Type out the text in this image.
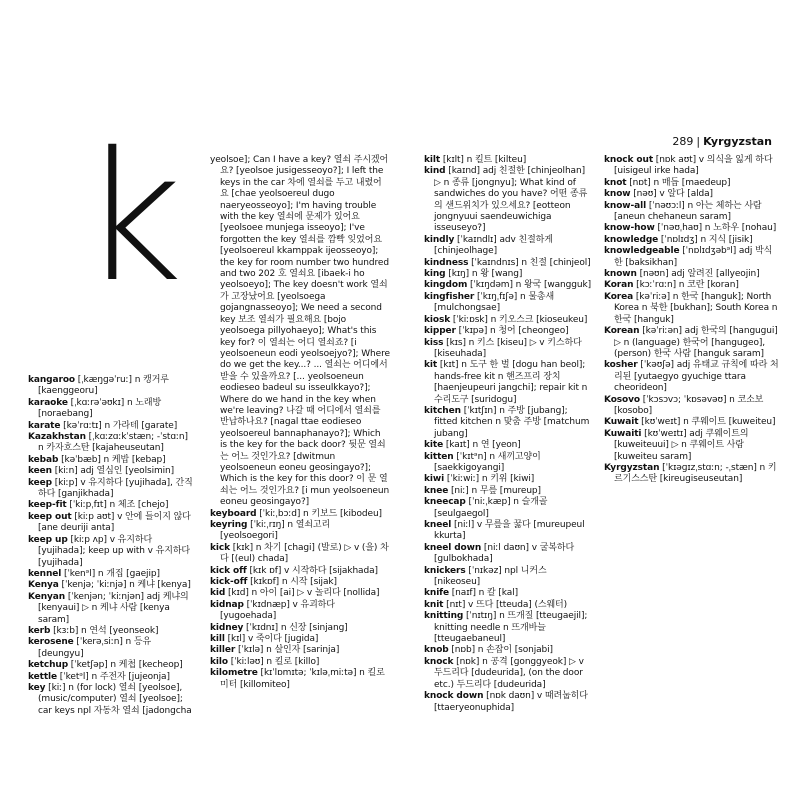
289 | Kyrgyzstan
k

kangaroo [ˌkæŋɡəˈruː] n 캥거루 [kaenggeoru]

karaoke [ˌkɑːrəˈəʊkɪ] n 노래방 [noraebang]

karate [kəˈrɑːtɪ] n 가라테 [garate]

Kazakhstan [ˌkɑːzɑːkˈstæn; -ˈstɑːn] n 카자흐스탄 [kajaheuseutan]

kebab [kəˈbæb] n 케밥 [kebap]

keen [kiːn] adj 열심인 [yeolsimin]

keep [kiːp] v 유지하다 [yujihada], 간직하다 [ganjikhada]

keep-fit [ˈkiːpˌfɪt] n 체조 [chejo]

keep out [kiːp aʊt] v 안에 들이지 않다 [ane deuriji anta]

keep up [kiːp ʌp] v 유지하다 [yujihada]; keep up with v 유지하다 [yujihada]

kennel [ˈkenᵊl] n 개집 [gaejip]

Kenya [ˈkenjə; ˈkiːnjə] n 케냐 [kenya]

Kenyan [ˈkenjən; ˈkiːnjən] adj 케냐의 [kenyaui] ▷ n 케냐 사람 [kenya saram]

kerb [kɜːb] n 연석 [yeonseok]

kerosene [ˈkerəˌsiːn] n 등유 [deungyu]

ketchup [ˈketʃəp] n 케첩 [kecheop]

kettle [ˈketᵊl] n 주전자 [jujeonja]

key [kiː] n (for lock) 열쇠 [yeolsoe], (music/computer) 열쇠 [yeolsoe]; car keys npl 자동차 열쇠 [jadongcha

yeolsoe]; Can I have a key? 열쇠 주시겠어요? [yeolsoe jusigesseoyo?]; I left the keys in the car 차에 열쇠를 두고 내렸어요 [chae yeolsoereul dugo naeryeosseoyo]; I'm having trouble with the key 열쇠에 문제가 있어요 [yeolsoee munjega isseoyo]; I've forgotten the key 열쇠를 깜빡 잊었어요 [yeolsoereul kkamppak ijeosseoyo]; the key for room number two hundred and two 202 호 열쇠요 [ibaek-i ho yeolsoeyo]; The key doesn't work 열쇠가 고장났어요 [yeolsoega gojangnasseoyo]; We need a second key 보조 열쇠가 필요해요 [bojo yeolsoega pillyohaeyo]; What's this key for? 이 열쇠는 어디 열쇠죠? [i yeolsoeneun eodi yeolsoejyo?]; Where do we get the key...? ... 열쇠는 어디에서 받을 수 있을까요? [... yeolsoeneun eodieseo badeul su isseulkkayo?]; Where do we hand in the key when we're leaving? 나갈 때 어디에서 열쇠를 반납하나요? [nagal ttae eodieseo yeolsoereul bannaphanayo?]; Which is the key for the back door? 뒷문 열쇠는 어느 것인가요? [dwitmun yeolsoeneun eoneu geosingayo?]; Which is the key for this door? 이 문 열쇠는 어느 것인가요? [i mun yeolsoeneun eoneu geosingayo?]

keyboard [ˈkiːˌbɔːd] n 키보드 [kibodeu]

keyring [ˈkiːˌrɪŋ] n 열쇠고리 [yeolsoegori]

kick [kɪk] n 차기 [chagi] (발로) ▷ v (을) 차다 [(eul) chada]

kick off [kɪk ɒf] v 시작하다 [sijakhada]

kick-off [kɪkɒf] n 시작 [sijak]

kid [kɪd] n 아이 [ai] ▷ v 놀리다 [nollida]

kidnap [ˈkɪdnæp] v 유괴하다 [yugoehada]

kidney [ˈkɪdnɪ] n 신장 [sinjang]

kill [kɪl] v 죽이다 [jugida]

killer [ˈkɪlə] n 살인자 [sarinja]

kilo [ˈkiːləʊ] n 킬로 [killo]

kilometre [kɪˈlɒmɪtə; ˈkɪləˌmiːtə] n 킬로미터 [killomiteo]

kilt [kɪlt] n 킬트 [kilteu]

kind [kaɪnd] adj 친절한 [chinjeolhan] ▷ n 종류 [jongnyu]; What kind of sandwiches do you have? 어떤 종류의 샌드위치가 있으세요? [eotteon jongnyuui saendeuwichiga isseuseyo?]

kindly [ˈkaɪndlɪ] adv 친절하게 [chinjeolhage]

kindness [ˈkaɪndnɪs] n 친절 [chinjeol]

king [kɪŋ] n 왕 [wang]

kingdom [ˈkɪŋdəm] n 왕국 [wangguk]

kingfisher [ˈkɪŋˌfɪʃə] n 물총새 [mulchongsae]

kiosk [ˈkiːɒsk] n 키오스크 [kioseukeu]

kipper [ˈkɪpə] n 청어 [cheongeo]

kiss [kɪs] n 키스 [kiseu] ▷ v 키스하다 [kiseuhada]

kit [kɪt] n 도구 한 벌 [dogu han beol]; hands-free kit n 핸즈프리 장치 [haenjeupeuri jangchi]; repair kit n 수리도구 [suridogu]

kitchen [ˈkɪtʃɪn] n 주방 [jubang]; fitted kitchen n 맞춤 주방 [matchum jubang]

kite [kaɪt] n 연 [yeon]

kitten [ˈkɪtᵊn] n 새끼고양이 [saekkigoyangi]

kiwi [ˈkiːwiː] n 키위 [kiwi]

knee [niː] n 무릎 [mureup]

kneecap [ˈniːˌkæp] n 슬개골 [seulgaegol]

kneel [niːl] v 무릎을 꿇다 [mureupeul kkurta]

kneel down [niːl daʊn] v 굴복하다 [gulbokhada]

knickers [ˈnɪkəz] npl 니커스 [nikeoseu]

knife [naɪf] n 칼 [kal]

knit [nɪt] v 뜨다 [tteuda] (스웨터)

knitting [ˈnɪtɪŋ] n 뜨개질 [tteugaejil]; knitting needle n 뜨개바늘 [tteugaebaneul]

knob [nɒb] n 손잡이 [sonjabi]

knock [nɒk] n 공격 [gonggyeok] ▷ v 두드리다 [dudeurida], (on the door etc.) 두드리다 [dudeurida]

knock down [nɒk daʊn] v 때려눕히다 [ttaeryeonuphida]

knock out [nɒk aʊt] v 의식을 잃게 하다 [uisigeul irke hada]

knot [nɒt] n 매듭 [maedeup]

know [nəʊ] v 알다 [alda]

know-all [ˈnəʊɔːl] n 아는 체하는 사람 [aneun chehaneun saram]

know-how [ˈnəʊˌhaʊ] n 노하우 [nohau]

knowledge [ˈnɒlɪdʒ] n 지식 [jisik]

knowledgeable [ˈnɒlɪdʒəbᵊl] adj 박식한 [baksikhan]

known [nəʊn] adj 알려진 [allyeojin]

Koran [kɔːˈrɑːn] n 코란 [koran]

Korea [kəˈriːə] n 한국 [hanguk]; North Korea n 북한 [bukhan]; South Korea n 한국 [hanguk]

Korean [kəˈriːən] adj 한국의 [hangugui] ▷ n (language) 한국어 [hangugeo], (person) 한국 사람 [hanguk saram]

kosher [ˈkəʊʃə] adj 유태교 규칙에 따라 처리된 [yutaegyo gyuchige ttara cheorideon]

Kosovo [ˈkɔsɔvɔ; ˈkɒsəvəʊ] n 코소보 [kosobo]

Kuwait [kʊˈweɪt] n 쿠웨이트 [kuweiteu]

Kuwaiti [kʊˈweɪtɪ] adj 쿠웨이트의 [kuweiteuui] ▷ n 쿠웨이트 사람 [kuweiteu saram]

Kyrgyzstan [ˈkɪəɡɪzˌstɑːn; -ˌstæn] n 키르기스스탄 [kireugiseuseutan]
